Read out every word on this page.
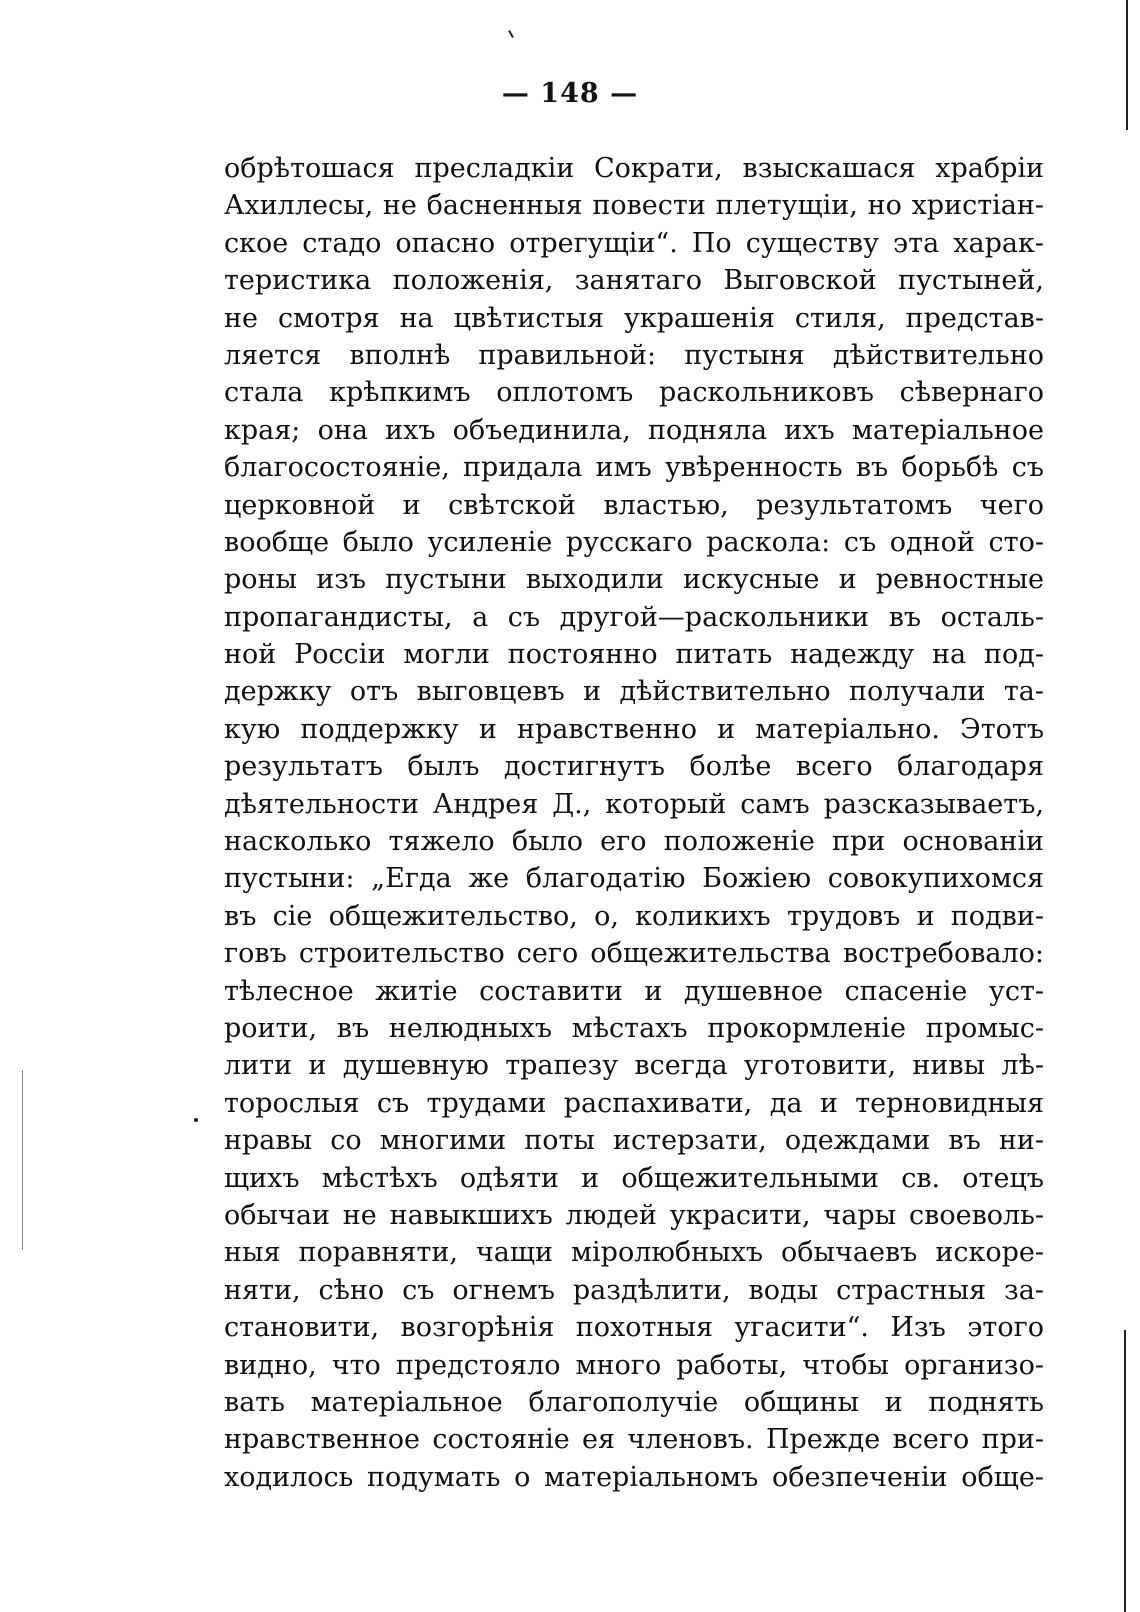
— 148 —
обрѣтошася пресладкіи Сократи, взыскашася храбріи
Ахиллесы, не басненныя повести плетущіи, но христіан-
ское стадо опасно отрегущіи“. По существу эта харак-
теристика положенія, занятаго Выговской пустыней,
не смотря на цвѣтистыя украшенія стиля, представ-
ляется вполнѣ правильной: пустыня дѣйствительно
стала крѣпкимъ оплотомъ раскольниковъ сѣвернаго
края; она ихъ объединила, подняла ихъ матеріальное
благосостояніе, придала имъ увѣренность въ борьбѣ съ
церковной и свѣтской властью, результатомъ чего
вообще было усиленіе русскаго раскола: съ одной сто-
роны изъ пустыни выходили искусные и ревностные
пропагандисты, а съ другой—раскольники въ осталь-
ной Россіи могли постоянно питать надежду на под-
держку отъ выговцевъ и дѣйствительно получали та-
кую поддержку и нравственно и матеріально. Этотъ
результатъ былъ достигнутъ болѣе всего благодаря
дѣятельности Андрея Д., который самъ разсказываетъ,
насколько тяжело было его положеніе при основаніи
пустыни: „Егда же благодатію Божіею совокупихомся
въ сіе общежительство, о, коликихъ трудовъ и подви-
говъ строительство сего общежительства востребовало:
тѣлесное житіе составити и душевное спасеніе уст-
роити, въ нелюдныхъ мѣстахъ прокормленіе промыс-
лити и душевную трапезу всегда уготовити, нивы лѣ-
торослыя съ трудами распахивати, да и терновидныя
нравы со многими поты истерзати, одеждами въ ни-
щихъ мѣстѣхъ одѣяти и общежительными св. отецъ
обычаи не навыкшихъ людей украсити, чары своеволь-
ныя поравняти, чащи міролюбныхъ обычаевъ искоре-
няти, сѣно съ огнемъ раздѣлити, воды страстныя за-
становити, возгорѣнія похотныя угасити“. Изъ этого
видно, что предстояло много работы, чтобы организо-
вать матеріальное благополучіе общины и поднять
нравственное состояніе ея членовъ. Прежде всего при-
ходилось подумать о матеріальномъ обезпеченіи обще-
